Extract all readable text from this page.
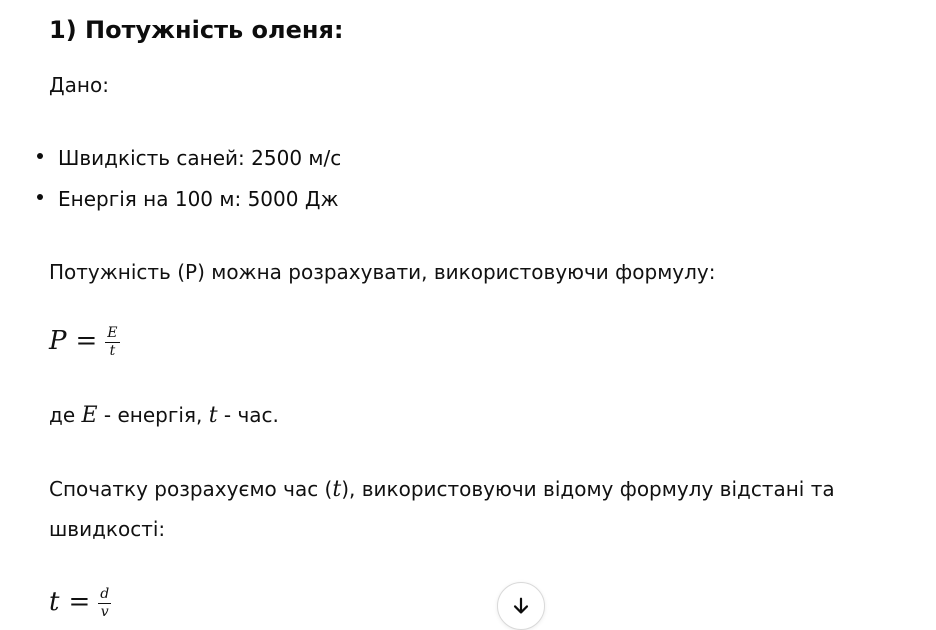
1) Потужність оленя:

Дано:

Швидкість саней: 2500 м/с
Енергія на 100 м: 5000 Дж

Потужність (P) можна розрахувати, використовуючи формулу:

$P = \frac{E}{t}$

де E - енергія, t - час.

Спочатку розрахуємо час (t), використовуючи відому формулу відстані та

швидкості:

$t = \frac{d}{v}$
